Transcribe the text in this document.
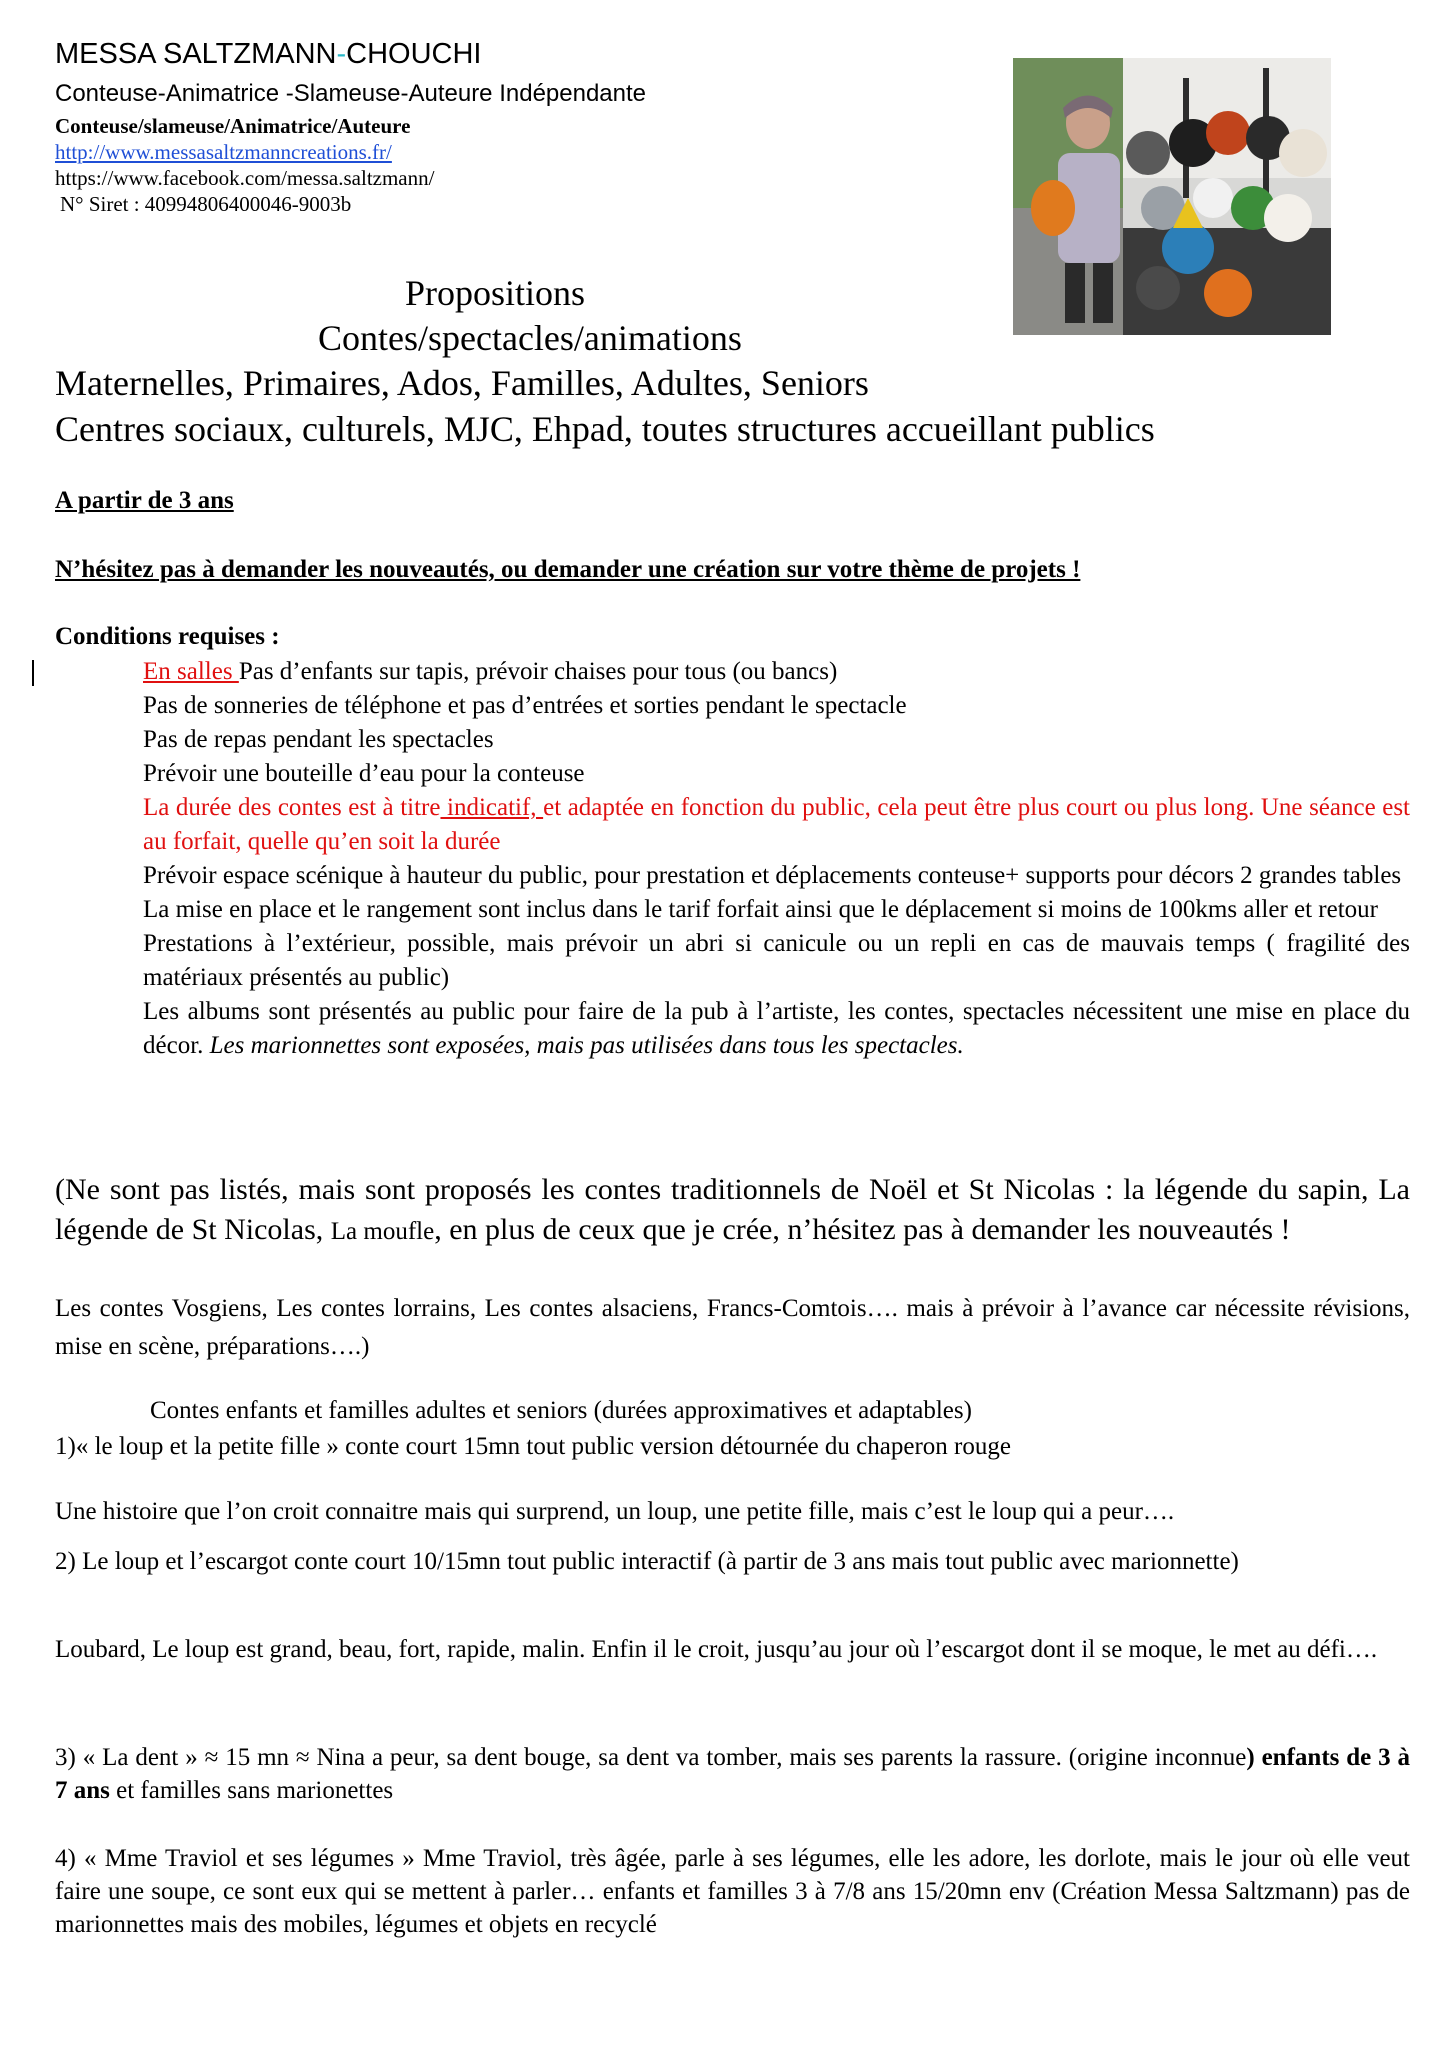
MESSA SALTZMANN-CHOUCHI
Conteuse-Animatrice -Slameuse-Auteure Indépendante
Conteuse/slameuse/Animatrice/Auteure
http://www.messasaltzmanncreations.fr/
https://www.facebook.com/messa.saltzmann/
N° Siret : 40994806400046-9003b
Propositions
Contes/spectacles/animations
Maternelles, Primaires, Ados, Familles, Adultes, Seniors
Centres sociaux, culturels, MJC, Ehpad, toutes structures accueillant publics
A partir de 3 ans
N’hésitez pas à demander les nouveautés, ou demander une création sur votre thème de projets !
Conditions requises :
En salles Pas d’enfants sur tapis, prévoir chaises pour tous (ou bancs)
Pas de sonneries de téléphone et pas d’entrées et sorties pendant le spectacle
Pas de repas pendant les spectacles
Prévoir une bouteille d’eau pour la conteuse
La durée des contes est à titre indicatif, et adaptée en fonction du public, cela peut être plus court ou plus long. Une séance est au forfait, quelle qu’en soit la durée
Prévoir espace scénique à hauteur du public, pour prestation et déplacements conteuse+ supports pour décors 2 grandes tables
La mise en place et le rangement sont inclus dans le tarif forfait ainsi que le déplacement si moins de 100kms aller et retour
Prestations à l’extérieur, possible, mais prévoir un abri si canicule ou un repli en cas de mauvais temps ( fragilité des matériaux présentés au public)
Les albums sont présentés au public pour faire de la pub à l’artiste, les contes, spectacles nécessitent une mise en place du décor. Les marionnettes sont exposées, mais pas utilisées dans tous les spectacles.
(Ne sont pas listés, mais sont proposés les contes traditionnels de Noël et St Nicolas : la légende du sapin, La légende de St Nicolas, La moufle, en plus de ceux que je crée, n’hésitez pas à demander les nouveautés !
Les contes Vosgiens, Les contes lorrains, Les contes alsaciens, Francs-Comtois…. mais à prévoir à l’avance car nécessite révisions, mise en scène, préparations….)
Contes enfants et familles adultes et seniors (durées approximatives et adaptables)
1)« le loup et la petite fille » conte court 15mn tout public version détournée du chaperon rouge
Une histoire que l’on croit connaitre mais qui surprend, un loup, une petite fille, mais c’est le loup qui a peur….
2) Le loup et l’escargot conte court 10/15mn tout public interactif (à partir de 3 ans mais tout public avec marionnette)
Loubard, Le loup est grand, beau, fort, rapide, malin. Enfin il le croit, jusqu’au jour où l’escargot dont il se moque, le met au défi….
3) « La dent » ≈ 15 mn ≈ Nina a peur, sa dent bouge, sa dent va tomber, mais ses parents la rassure. (origine inconnue) enfants de 3 à 7 ans et familles sans marionettes
4) « Mme Traviol et ses légumes » Mme Traviol, très âgée, parle à ses légumes, elle les adore, les dorlote, mais le jour où elle veut faire une soupe, ce sont eux qui se mettent à parler… enfants et familles 3 à 7/8 ans 15/20mn env (Création Messa Saltzmann) pas de marionnettes mais des mobiles, légumes et objets en recyclé
